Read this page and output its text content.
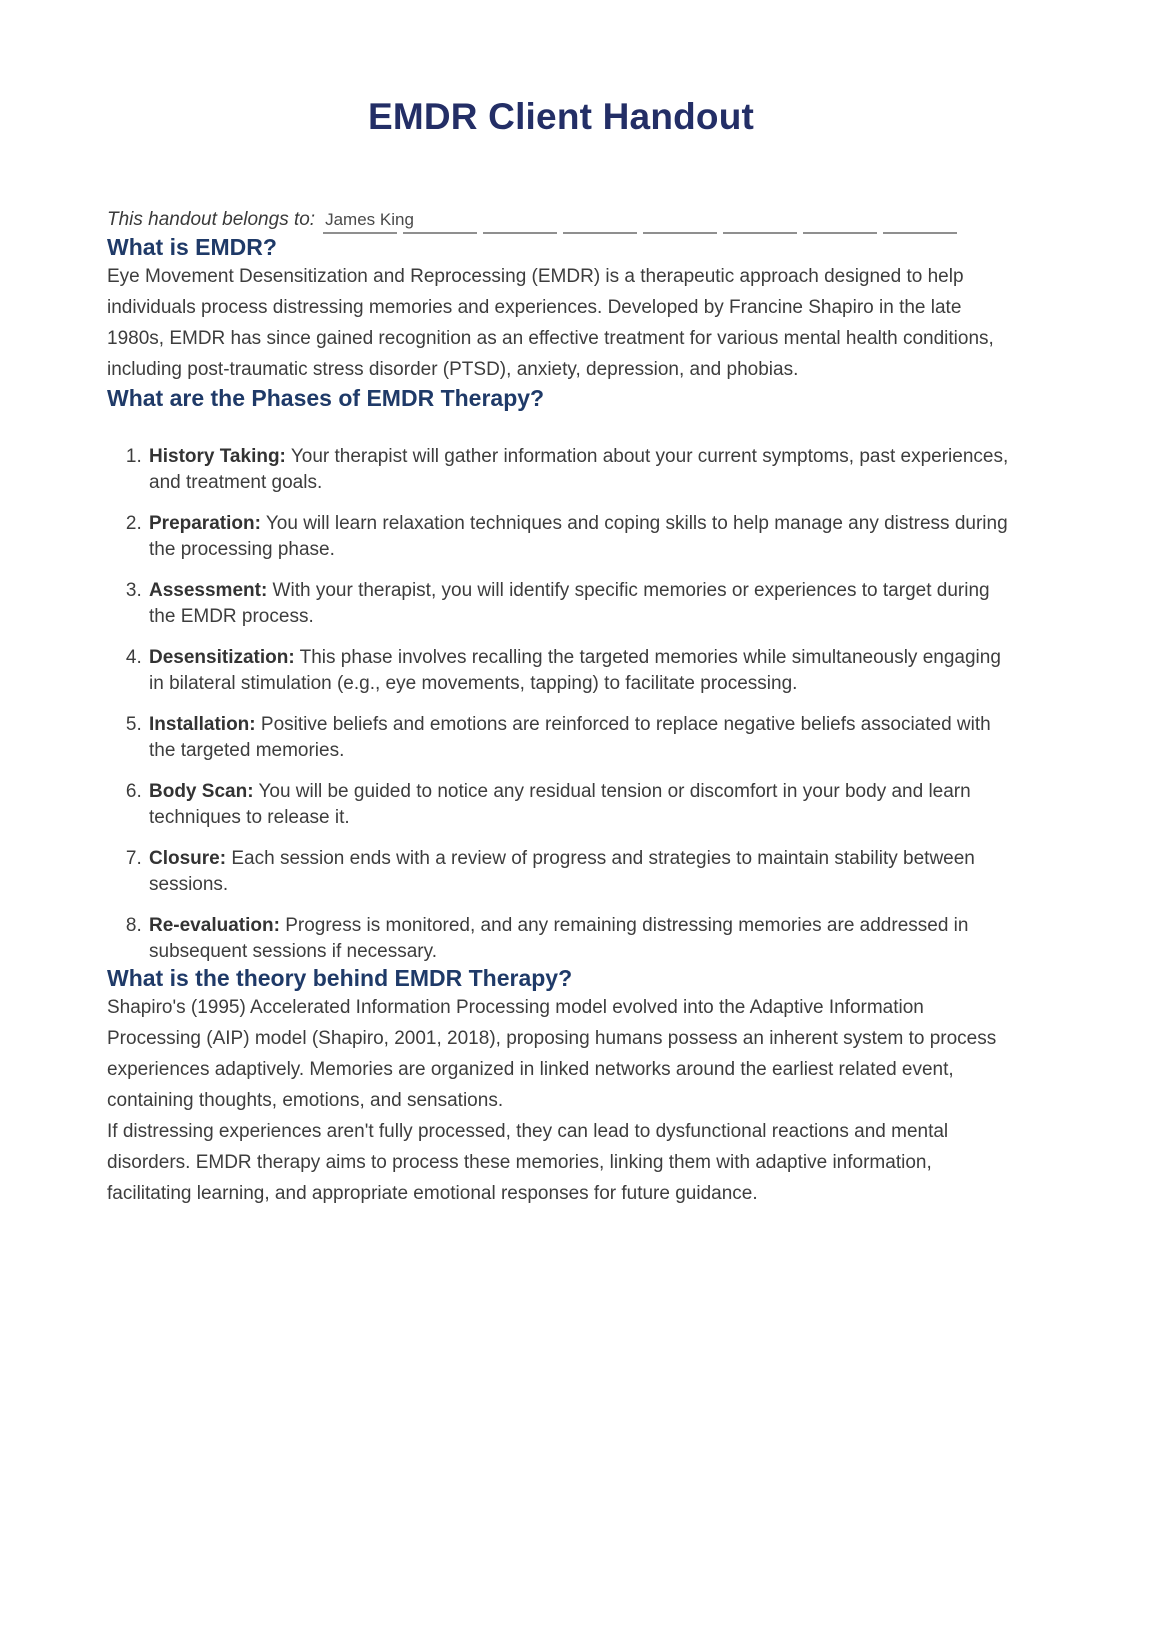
EMDR Client Handout
This handout belongs to: James King
What is EMDR?

Eye Movement Desensitization and Reprocessing (EMDR) is a therapeutic approach designed to help individuals process distressing memories and experiences. Developed by Francine Shapiro in the late 1980s, EMDR has since gained recognition as an effective treatment for various mental health conditions, including post-traumatic stress disorder (PTSD), anxiety, depression, and phobias.

What are the Phases of EMDR Therapy?
1. History Taking: Your therapist will gather information about your current symptoms, past experiences, and treatment goals.
2. Preparation: You will learn relaxation techniques and coping skills to help manage any distress during the processing phase.
3. Assessment: With your therapist, you will identify specific memories or experiences to target during the EMDR process.
4. Desensitization: This phase involves recalling the targeted memories while simultaneously engaging in bilateral stimulation (e.g., eye movements, tapping) to facilitate processing.
5. Installation: Positive beliefs and emotions are reinforced to replace negative beliefs associated with the targeted memories.
6. Body Scan: You will be guided to notice any residual tension or discomfort in your body and learn techniques to release it.
7. Closure: Each session ends with a review of progress and strategies to maintain stability between sessions.
8. Re-evaluation: Progress is monitored, and any remaining distressing memories are addressed in subsequent sessions if necessary.
What is the theory behind EMDR Therapy?

Shapiro's (1995) Accelerated Information Processing model evolved into the Adaptive Information Processing (AIP) model (Shapiro, 2001, 2018), proposing humans possess an inherent system to process experiences adaptively. Memories are organized in linked networks around the earliest related event, containing thoughts, emotions, and sensations.

If distressing experiences aren't fully processed, they can lead to dysfunctional reactions and mental disorders. EMDR therapy aims to process these memories, linking them with adaptive information, facilitating learning, and appropriate emotional responses for future guidance.
